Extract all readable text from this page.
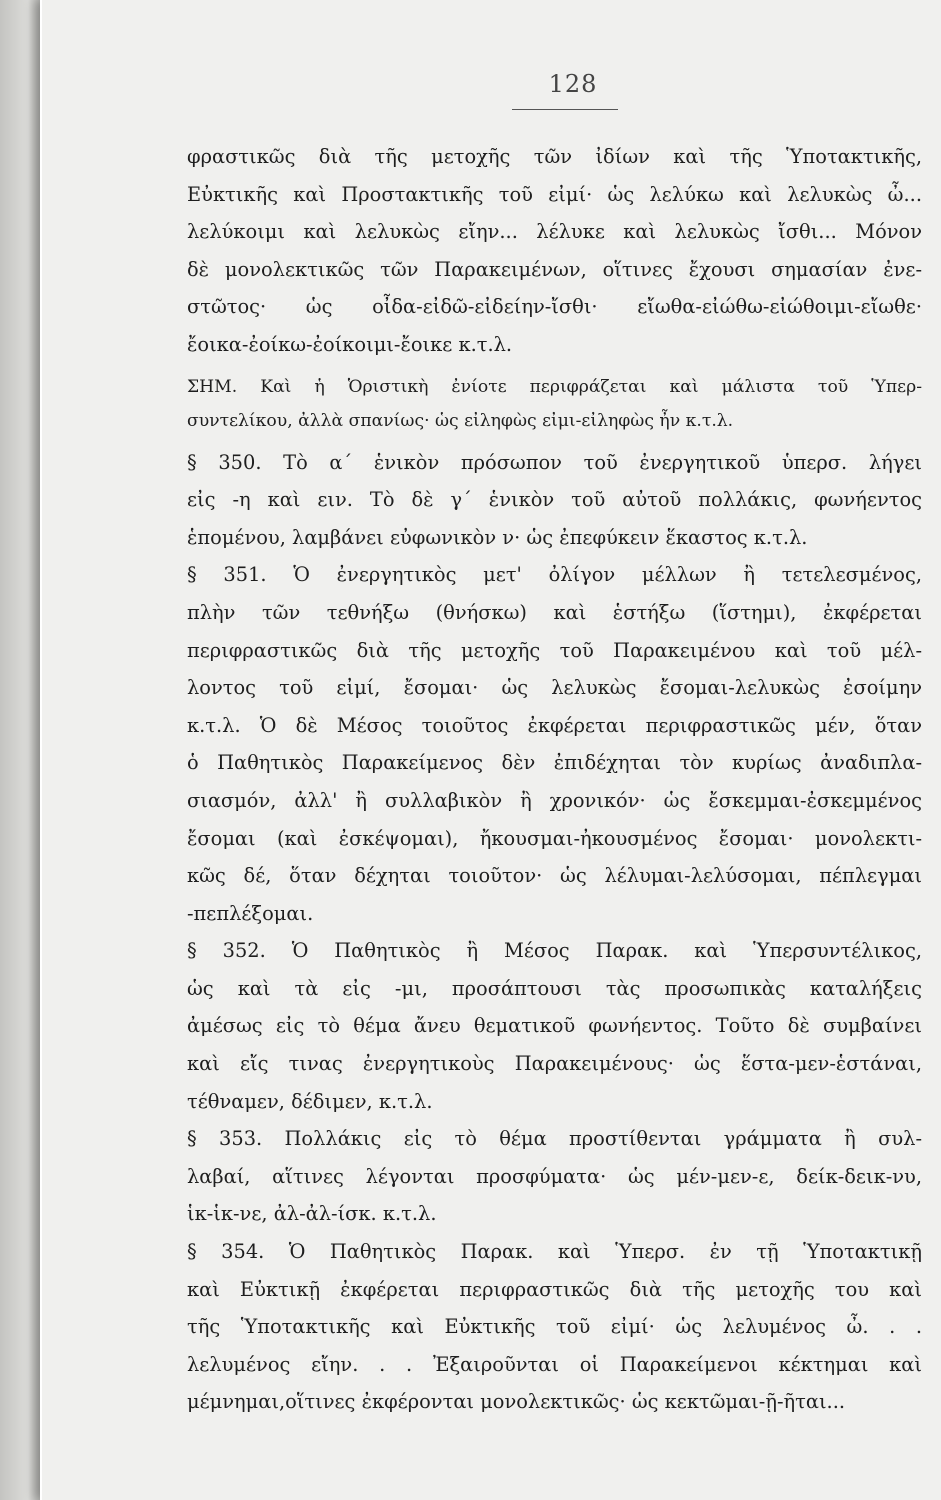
128
φραστικῶς διὰ τῆς μετοχῆς τῶν ἰδίων καὶ τῆς Ὑποτακτικῆς,
Εὐκτικῆς καὶ Προστακτικῆς τοῦ εἰμί· ὡς λελύκω καὶ λελυκὼς ὦ...
λελύκοιμι καὶ λελυκὼς εἴην... λέλυκε καὶ λελυκὼς ἴσθι... Μόνον
δὲ μονολεκτικῶς τῶν Παρακειμένων, οἵτινες ἔχουσι σημασίαν ἐνε-
στῶτος· ὡς οἶδα-εἰδῶ-εἰδείην-ἴσθι· εἴωθα-εἰώθω-εἰώθοιμι-εἴωθε·
ἔοικα-ἐοίκω-ἐοίκοιμι-ἔοικε κ.τ.λ.
ΣΗΜ. Καὶ ἡ Ὁριστικὴ ἐνίοτε περιφράζεται καὶ μάλιστα τοῦ Ὑπερ-
συντελίκου, ἀλλὰ σπανίως· ὡς εἰληφὼς εἰμι-εἰληφὼς ἦν κ.τ.λ.
§ 350. Τὸ α΄ ἑνικὸν πρόσωπον τοῦ ἐνεργητικοῦ ὑπερσ. λήγει
εἰς -η καὶ ειν. Τὸ δὲ γ΄ ἑνικὸν τοῦ αὐτοῦ πολλάκις, φωνήεντος
ἑπομένου, λαμβάνει εὐφωνικὸν ν· ὡς ἐπεφύκειν ἕκαστος κ.τ.λ.
§ 351. Ὁ ἐνεργητικὸς μετ' ὀλίγον μέλλων ἢ τετελεσμένος,
πλὴν τῶν τεθνήξω (θνήσκω) καὶ ἑστήξω (ἵστημι), ἐκφέρεται
περιφραστικῶς διὰ τῆς μετοχῆς τοῦ Παρακειμένου καὶ τοῦ μέλ-
λοντος τοῦ εἰμί, ἔσομαι· ὡς λελυκὼς ἔσομαι-λελυκὼς ἐσοίμην
κ.τ.λ. Ὁ δὲ Μέσος τοιοῦτος ἐκφέρεται περιφραστικῶς μέν, ὅταν
ὁ Παθητικὸς Παρακείμενος δὲν ἐπιδέχηται τὸν κυρίως ἀναδιπλα-
σιασμόν, ἀλλ' ἢ συλλαβικὸν ἢ χρονικόν· ὡς ἔσκεμμαι-ἐσκεμμένος
ἔσομαι (καὶ ἐσκέψομαι), ἤκουσμαι-ἠκουσμένος ἔσομαι· μονολεκτι-
κῶς δέ, ὅταν δέχηται τοιοῦτον· ὡς λέλυμαι-λελύσομαι, πέπλεγμαι
-πεπλέξομαι.
§ 352. Ὁ Παθητικὸς ἢ Μέσος Παρακ. καὶ Ὑπερσυντέλικος,
ὡς καὶ τὰ εἰς -μι, προσάπτουσι τὰς προσωπικὰς καταλήξεις
ἀμέσως εἰς τὸ θέμα ἄνευ θεματικοῦ φωνήεντος. Τοῦτο δὲ συμβαίνει
καὶ εἴς τινας ἐνεργητικοὺς Παρακειμένους· ὡς ἕστα-μεν-ἑστάναι,
τέθναμεν, δέδιμεν, κ.τ.λ.
§ 353. Πολλάκις εἰς τὸ θέμα προστίθενται γράμματα ἢ συλ-
λαβαί, αἵτινες λέγονται προσφύματα· ὡς μέν-μεν-ε, δείκ-δεικ-νυ,
ἱκ-ἱκ-νε, ἀλ-ἀλ-ίσκ. κ.τ.λ.
§ 354. Ὁ Παθητικὸς Παρακ. καὶ Ὑπερσ. ἐν τῇ Ὑποτακτικῇ
καὶ Εὐκτικῇ ἐκφέρεται περιφραστικῶς διὰ τῆς μετοχῆς του καὶ
τῆς Ὑποτακτικῆς καὶ Εὐκτικῆς τοῦ εἰμί· ὡς λελυμένος ὦ. . .
λελυμένος εἴην. . . Ἐξαιροῦνται οἱ Παρακείμενοι κέκτημαι καὶ
μέμνημαι,οἵτινες ἐκφέρονται μονολεκτικῶς· ὡς κεκτῶμαι-ῇ-ῆται...
